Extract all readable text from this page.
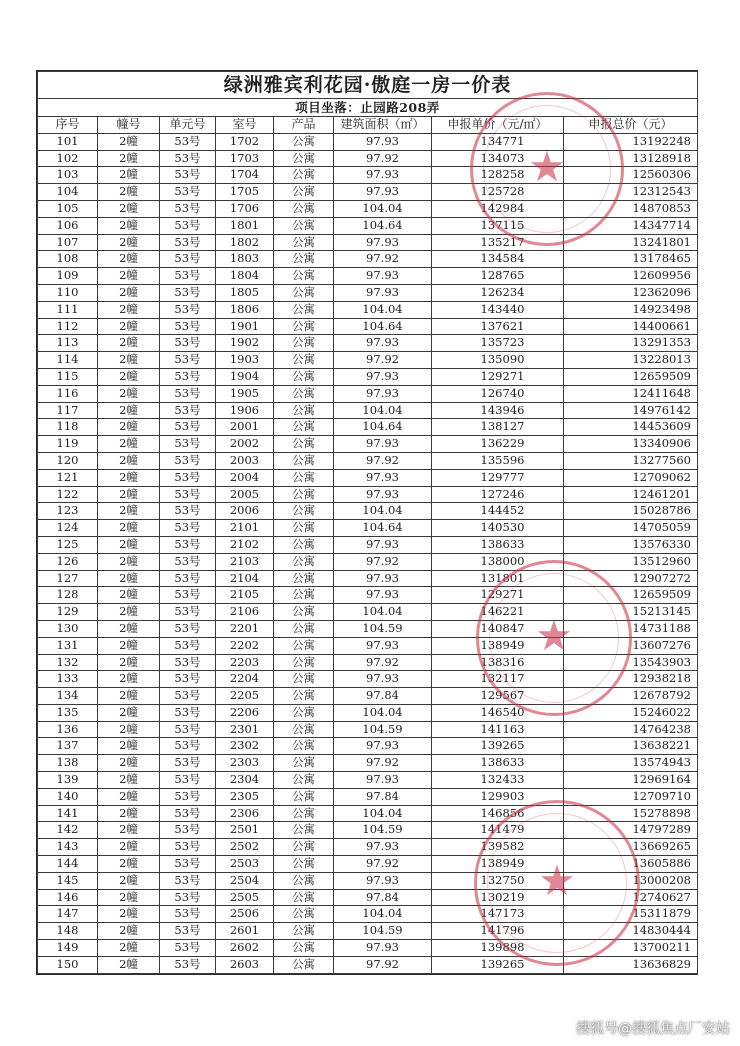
绿洲雅宾利花园·傲庭一房一价表							
项目坐落：止园路208弄							
序号	幢号	单元号	室号	产品	建筑面积（㎡）	申报单价（元/㎡）	申报总价（元）
101	2幢	53号	1702	公寓	97.93	134771	13192248
102	2幢	53号	1703	公寓	97.92	134073	13128918
103	2幢	53号	1704	公寓	97.93	128258	12560306
104	2幢	53号	1705	公寓	97.93	125728	12312543
105	2幢	53号	1706	公寓	104.04	142984	14870853
106	2幢	53号	1801	公寓	104.64	137115	14347714
107	2幢	53号	1802	公寓	97.93	135217	13241801
108	2幢	53号	1803	公寓	97.92	134584	13178465
109	2幢	53号	1804	公寓	97.93	128765	12609956
110	2幢	53号	1805	公寓	97.93	126234	12362096
111	2幢	53号	1806	公寓	104.04	143440	14923498
112	2幢	53号	1901	公寓	104.64	137621	14400661
113	2幢	53号	1902	公寓	97.93	135723	13291353
114	2幢	53号	1903	公寓	97.92	135090	13228013
115	2幢	53号	1904	公寓	97.93	129271	12659509
116	2幢	53号	1905	公寓	97.93	126740	12411648
117	2幢	53号	1906	公寓	104.04	143946	14976142
118	2幢	53号	2001	公寓	104.64	138127	14453609
119	2幢	53号	2002	公寓	97.93	136229	13340906
120	2幢	53号	2003	公寓	97.92	135596	13277560
121	2幢	53号	2004	公寓	97.93	129777	12709062
122	2幢	53号	2005	公寓	97.93	127246	12461201
123	2幢	53号	2006	公寓	104.04	144452	15028786
124	2幢	53号	2101	公寓	104.64	140530	14705059
125	2幢	53号	2102	公寓	97.93	138633	13576330
126	2幢	53号	2103	公寓	97.92	138000	13512960
127	2幢	53号	2104	公寓	97.93	131801	12907272
128	2幢	53号	2105	公寓	97.93	129271	12659509
129	2幢	53号	2106	公寓	104.04	146221	15213145
130	2幢	53号	2201	公寓	104.59	140847	14731188
131	2幢	53号	2202	公寓	97.93	138949	13607276
132	2幢	53号	2203	公寓	97.92	138316	13543903
133	2幢	53号	2204	公寓	97.93	132117	12938218
134	2幢	53号	2205	公寓	97.84	129567	12678792
135	2幢	53号	2206	公寓	104.04	146540	15246022
136	2幢	53号	2301	公寓	104.59	141163	14764238
137	2幢	53号	2302	公寓	97.93	139265	13638221
138	2幢	53号	2303	公寓	97.92	138633	13574943
139	2幢	53号	2304	公寓	97.93	132433	12969164
140	2幢	53号	2305	公寓	97.84	129903	12709710
141	2幢	53号	2306	公寓	104.04	146856	15278898
142	2幢	53号	2501	公寓	104.59	141479	14797289
143	2幢	53号	2502	公寓	97.93	139582	13669265
144	2幢	53号	2503	公寓	97.92	138949	13605886
145	2幢	53号	2504	公寓	97.93	132750	13000208
146	2幢	53号	2505	公寓	97.84	130219	12740627
147	2幢	53号	2506	公寓	104.04	147173	15311879
148	2幢	53号	2601	公寓	104.59	141796	14830444
149	2幢	53号	2602	公寓	97.93	139898	13700211
150	2幢	53号	2603	公寓	97.92	139265	13636829
★
★
★
搜狐号@搜狐焦点厂安站
